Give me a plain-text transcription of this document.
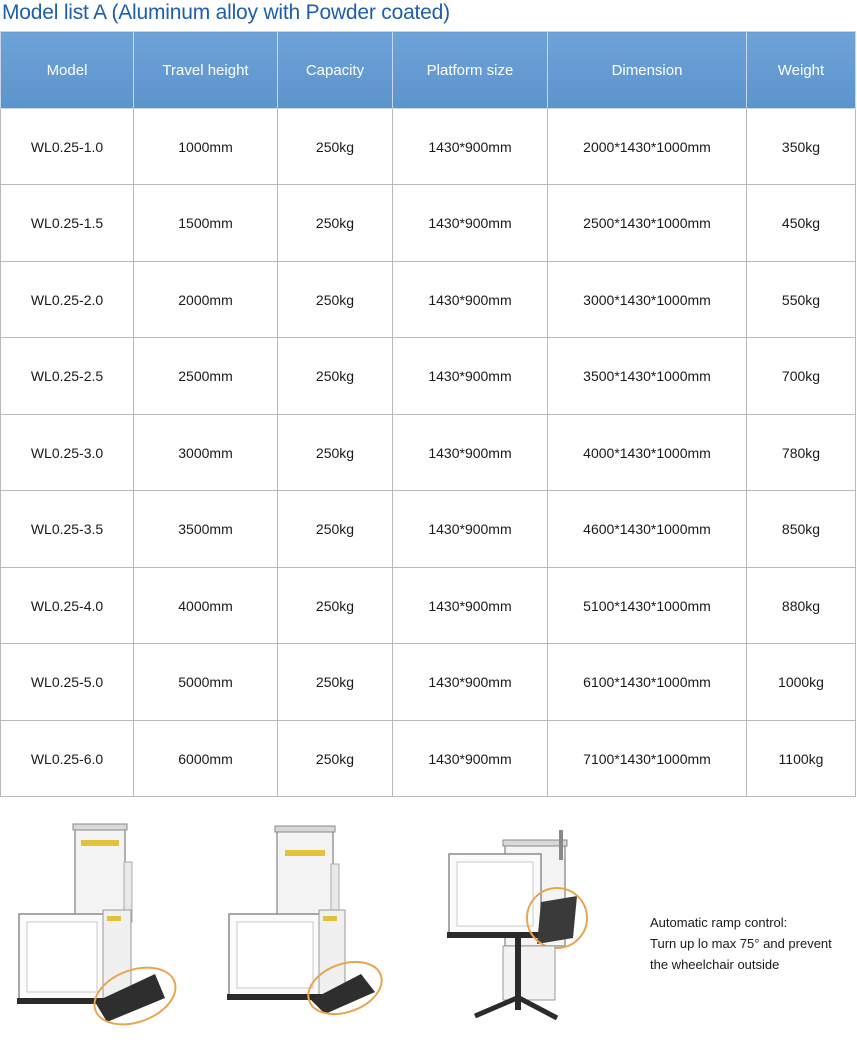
Model list A (Aluminum alloy with Powder coated)
Model	Travel height	Capacity	Platform size	Dimension	Weight
WL0.25-1.0	1000mm	250kg	1430*900mm	2000*1430*1000mm	350kg
WL0.25-1.5	1500mm	250kg	1430*900mm	2500*1430*1000mm	450kg
WL0.25-2.0	2000mm	250kg	1430*900mm	3000*1430*1000mm	550kg
WL0.25-2.5	2500mm	250kg	1430*900mm	3500*1430*1000mm	700kg
WL0.25-3.0	3000mm	250kg	1430*900mm	4000*1430*1000mm	780kg
WL0.25-3.5	3500mm	250kg	1430*900mm	4600*1430*1000mm	850kg
WL0.25-4.0	4000mm	250kg	1430*900mm	5100*1430*1000mm	880kg
WL0.25-5.0	5000mm	250kg	1430*900mm	6100*1430*1000mm	1000kg
WL0.25-6.0	6000mm	250kg	1430*900mm	7100*1430*1000mm	1100kg
Automatic ramp control:
Turn up lo max 75° and prevent
the wheelchair outside
